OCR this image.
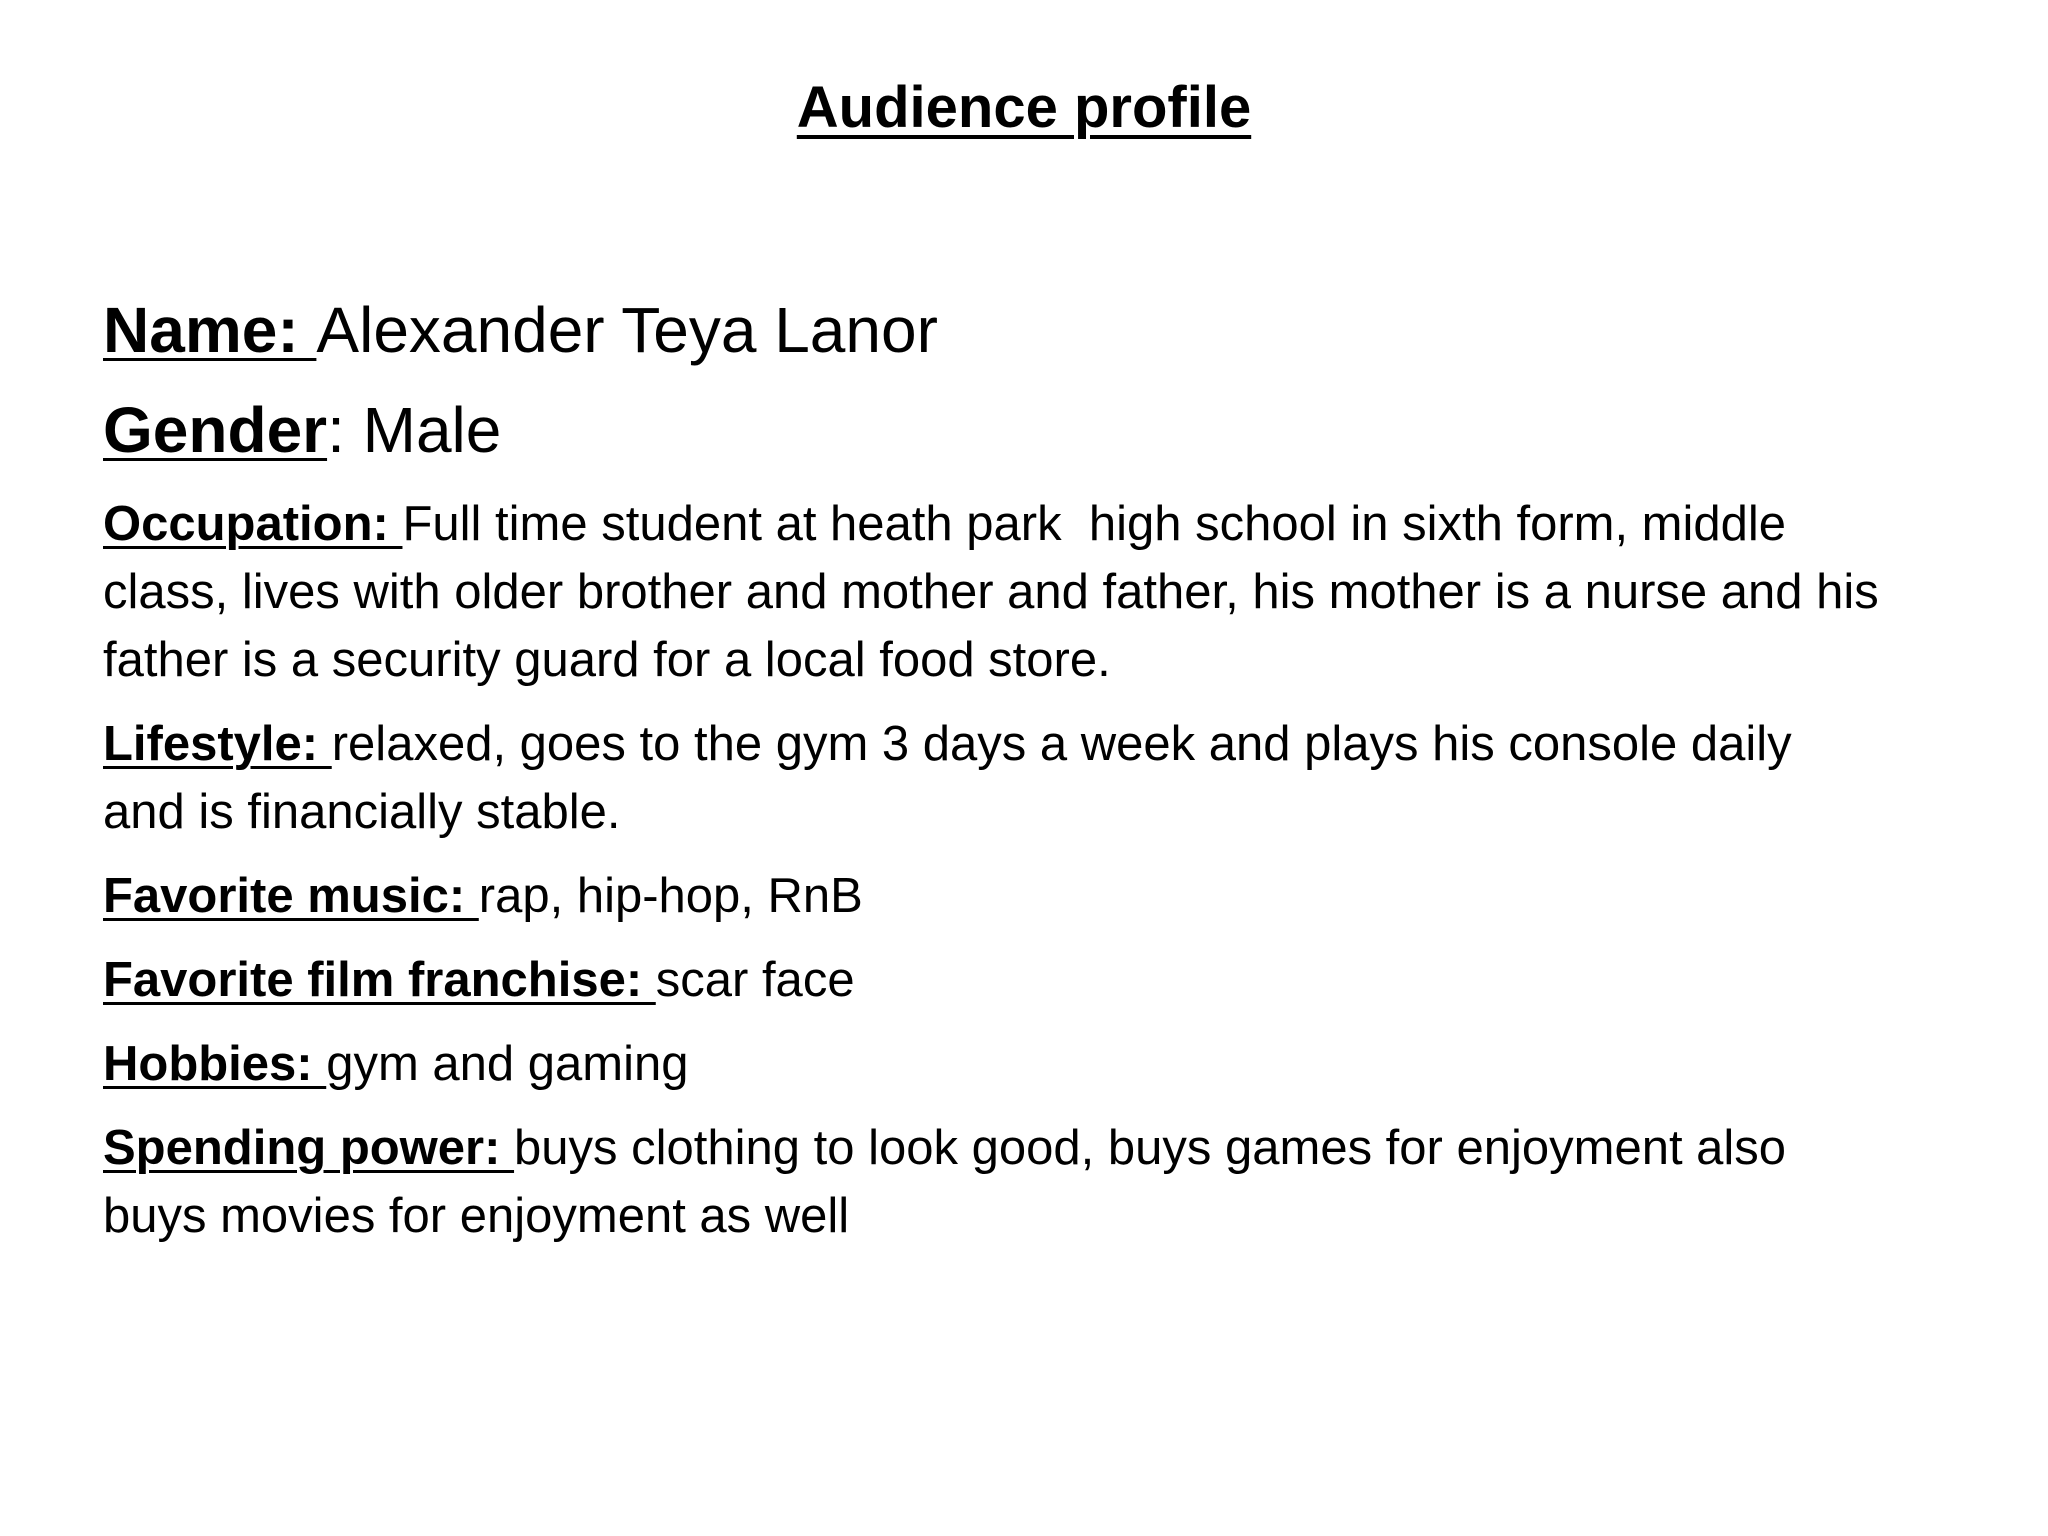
Audience profile

Name: Alexander Teya Lanor

Gender: Male

Occupation: Full time student at heath park  high school in sixth form, middle class, lives with older brother and mother and father, his mother is a nurse and his father is a security guard for a local food store.

Lifestyle: relaxed, goes to the gym 3 days a week and plays his console daily and is financially stable.

Favorite music: rap, hip-hop, RnB

Favorite film franchise: scar face

Hobbies: gym and gaming

Spending power: buys clothing to look good, buys games for enjoyment also buys movies for enjoyment as well
